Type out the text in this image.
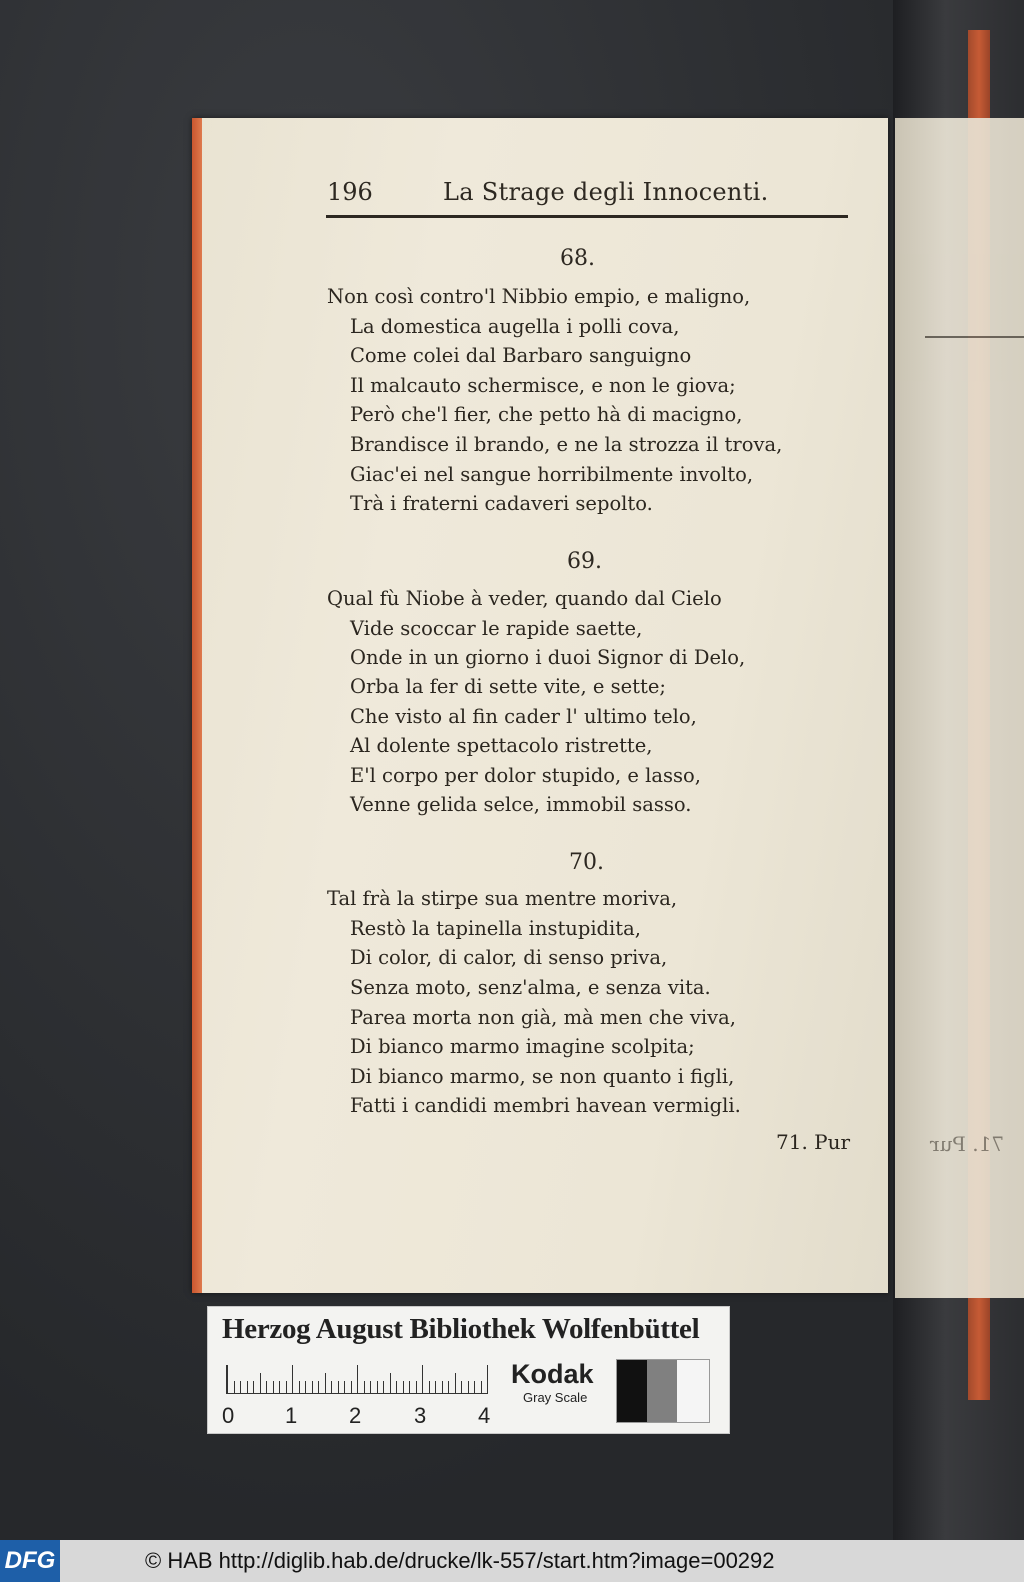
196	La Strage degli Innocenti.
68.
Non così contro'l Nibbio empio, e maligno,
La domestica augella i polli cova,
Come colei dal Barbaro sanguigno
Il malcauto schermisce, e non le giova;
Però che'l fier, che petto hà di macigno,
Brandisce il brando, e ne la strozza il trova,
Giac'ei nel sangue horribilmente involto,
Trà i fraterni cadaveri sepolto.
69.
Qual fù Niobe à veder, quando dal Cielo
Vide scoccar le rapide saette,
Onde in un giorno i duoi Signor di Delo,
Orba la fer di sette vite, e sette;
Che visto al fin cader l' ultimo telo,
Al dolente spettacolo ristrette,
E'l corpo per dolor stupido, e lasso,
Venne gelida selce, immobil sasso.
70.
Tal frà la stirpe sua mentre moriva,
Restò la tapinella instupidita,
Di color, di calor, di senso priva,
Senza moto, senz'alma, e senza vita.
Parea morta non già, mà men che viva,
Di bianco marmo imagine scolpita;
Di bianco marmo, se non quanto i figli,
Fatti i candidi membri havean vermigli.
71. Pur	71. Pur
Herzog August Bibliothek Wolfenbüttel
0 1 2 3 4
Kodak
Gray Scale
DFG	© HAB http://diglib.hab.de/drucke/lk-557/start.htm?image=00292
